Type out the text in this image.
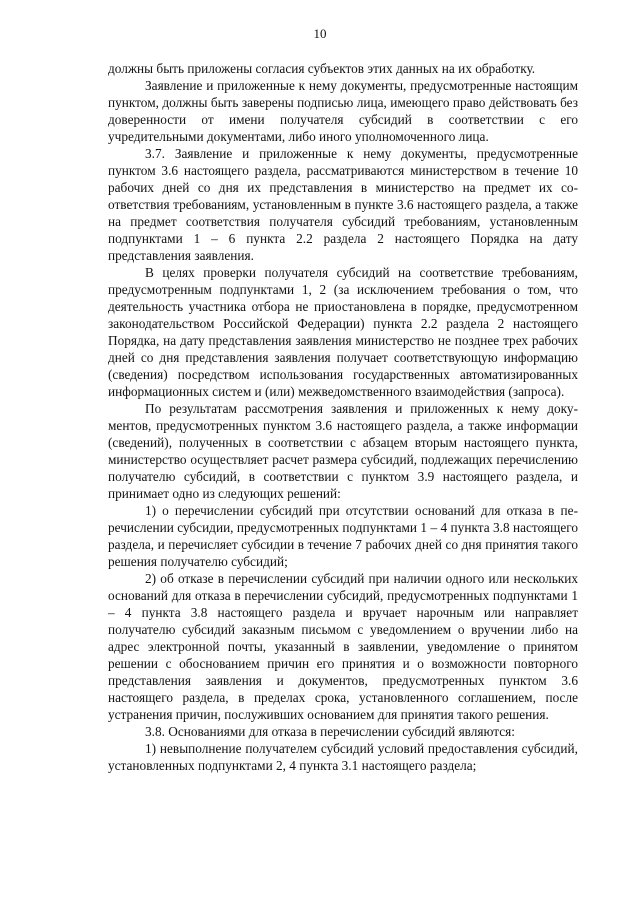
10

должны быть приложены согласия субъектов этих данных на их обработку.

Заявление и приложенные к нему документы, предусмотренные настоящим пунктом, должны быть заверены подписью лица, имеющего право действовать без доверенности от имени получателя субсидий в соответствии с его учредительными документами, либо иного уполномоченного лица.

3.7. Заявление и приложенные к нему документы, предусмотренные пунктом 3.6 настоящего раздела, рассматриваются министерством в течение 10 рабочих дней со дня их представления в министерство на предмет их соответствия требованиям, установленным в пункте 3.6 настоящего раздела, а также на предмет соответствия получателя субсидий требованиям, установленным подпунктами 1 – 6 пункта 2.2 раздела 2 настоящего Порядка на дату представления заявления.

В целях проверки получателя субсидий на соответствие требованиям, предусмотренным подпунктами 1, 2 (за исключением требования о том, что деятельность участника отбора не приостановлена в порядке, предусмотренном законодательством Российской Федерации) пункта 2.2 раздела 2 настоящего Порядка, на дату представления заявления министерство не позднее трех рабочих дней со дня представления заявления получает соответствующую информацию (сведения) посредством использования государственных автоматизированных информационных систем и (или) межведомственного взаимодействия (запроса).

По результатам рассмотрения заявления и приложенных к нему документов, предусмотренных пунктом 3.6 настоящего раздела, а также информации (сведений), полученных в соответствии с абзацем вторым настоящего пункта, министерство осуществляет расчет размера субсидий, подлежащих перечислению получателю субсидий, в соответствии с пунктом 3.9 настоящего раздела, и принимает одно из следующих решений:

1) о перечислении субсидий при отсутствии оснований для отказа в перечислении субсидии, предусмотренных подпунктами 1 – 4 пункта 3.8 настоящего раздела, и перечисляет субсидии в течение 7 рабочих дней со дня принятия такого решения получателю субсидий;

2) об отказе в перечислении субсидий при наличии одного или нескольких оснований для отказа в перечислении субсидий, предусмотренных подпунктами 1 – 4 пункта 3.8 настоящего раздела и вручает нарочным или направляет получателю субсидий заказным письмом с уведомлением о вручении либо на адрес электронной почты, указанный в заявлении, уведомление о принятом решении с обоснованием причин его принятия и о возможности повторного представления заявления и документов, предусмотренных пунктом 3.6 настоящего раздела, в пределах срока, установленного соглашением, после устранения причин, послуживших основанием для принятия такого решения.

3.8. Основаниями для отказа в перечислении субсидий являются:

1) невыполнение получателем субсидий условий предоставления субсидий, установленных подпунктами 2, 4 пункта 3.1 настоящего раздела;
